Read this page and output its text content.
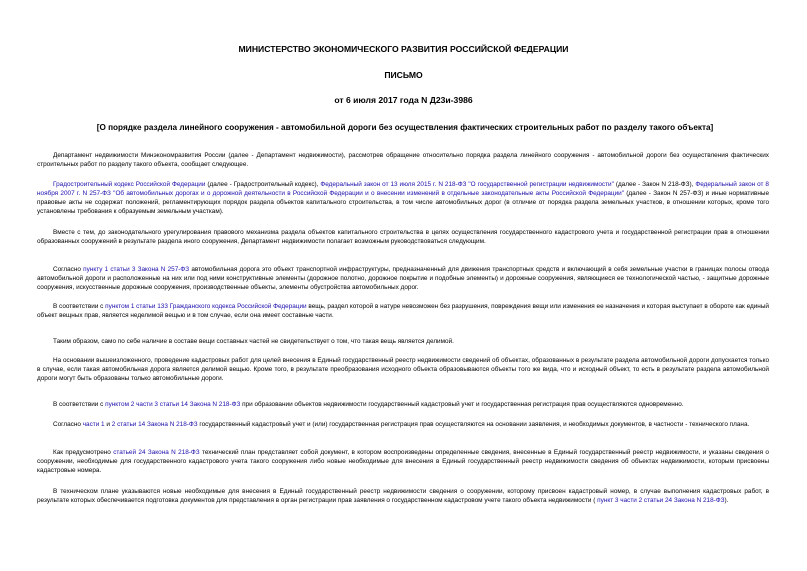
МИНИСТЕРСТВО ЭКОНОМИЧЕСКОГО РАЗВИТИЯ РОССИЙСКОЙ ФЕДЕРАЦИИ
ПИСЬМО
от 6 июля 2017 года N Д23и-3986
[О порядке раздела линейного сооружения - автомобильной дороги без осуществления фактических строительных работ по разделу такого объекта]

Департамент недвижимости Минэкономразвития России (далее - Департамент недвижимости), рассмотрев обращение относительно порядка раздела линейного сооружения - автомобильной дороги без осуществления фактических строительных работ по разделу такого объекта, сообщает следующее.

Градостроительный кодекс Российской Федерации (далее - Градостроительный кодекс), Федеральный закон от 13 июля 2015 г. N 218-ФЗ "О государственной регистрации недвижимости" (далее - Закон N 218-ФЗ), Федеральный закон от 8 ноября 2007 г. N 257-ФЗ "Об автомобильных дорогах и о дорожной деятельности в Российской Федерации и о внесении изменений в отдельные законодательные акты Российской Федерации" (далее - Закон N 257-ФЗ) и иные нормативные правовые акты не содержат положений, регламентирующих порядок раздела объектов капитального строительства, в том числе автомобильных дорог (в отличие от порядка раздела земельных участков, в отношении которых, кроме того установлены требования к образуемым земельным участкам).

Вместе с тем, до законодательного урегулирования правового механизма раздела объектов капитального строительства в целях осуществления государственного кадастрового учета и государственной регистрации прав в отношении образованных сооружений в результате раздела иного сооружения, Департамент недвижимости полагает возможным руководствоваться следующим.

Согласно пункту 1 статьи 3 Закона N 257-ФЗ автомобильная дорога это объект транспортной инфраструктуры, предназначенный для движения транспортных средств и включающий в себя земельные участки в границах полосы отвода автомобильной дороги и расположенные на них или под ними конструктивные элементы (дорожное полотно, дорожное покрытие и подобные элементы) и дорожные сооружения, являющиеся ее технологической частью, - защитные дорожные сооружения, искусственные дорожные сооружения, производственные объекты, элементы обустройства автомобильных дорог.

В соответствии с пунктом 1 статьи 133 Гражданского кодекса Российской Федерации вещь, раздел которой в натуре невозможен без разрушения, повреждения вещи или изменения ее назначения и которая выступает в обороте как единый объект вещных прав, является неделимой вещью и в том случае, если она имеет составные части.

Таким образом, само по себе наличие в составе вещи составных частей не свидетельствует о том, что такая вещь является делимой.

На основании вышеизложенного, проведение кадастровых работ для целей внесения в Единый государственный реестр недвижимости сведений об объектах, образованных в результате раздела автомобильной дороги допускается только в случае, если такая автомобильная дорога является делимой вещью. Кроме того, в результате преобразования исходного объекта образовываются объекты того же вида, что и исходный объект, то есть в результате раздела автомобильной дороги могут быть образованы только автомобильные дороги.

В соответствии с пунктом 2 части 3 статьи 14 Закона N 218-ФЗ при образовании объектов недвижимости государственный кадастровый учет и государственная регистрация прав осуществляются одновременно.

Согласно части 1 и 2 статьи 14 Закона N 218-ФЗ государственный кадастровый учет и (или) государственная регистрация прав осуществляются на основании заявления, и необходимых документов, в частности - технического плана.

Как предусмотрено статьей 24 Закона N 218-ФЗ технический план представляет собой документ, в котором воспроизведены определенные сведения, внесенные в Единый государственный реестр недвижимости, и указаны сведения о сооружении, необходимые для государственного кадастрового учета такого сооружения либо новые необходимые для внесения в Единый государственный реестр недвижимости сведения об объектах недвижимости, которым присвоены кадастровые номера.

В техническом плане указываются новые необходимые для внесения в Единый государственный реестр недвижимости сведения о сооружении, которому присвоен кадастровый номер, в случае выполнения кадастровых работ, в результате которых обеспечивается подготовка документов для представления в орган регистрации прав заявления о государственном кадастровом учете такого объекта недвижимости ( пункт 3 части 2 статьи 24 Закона N 218-ФЗ).
